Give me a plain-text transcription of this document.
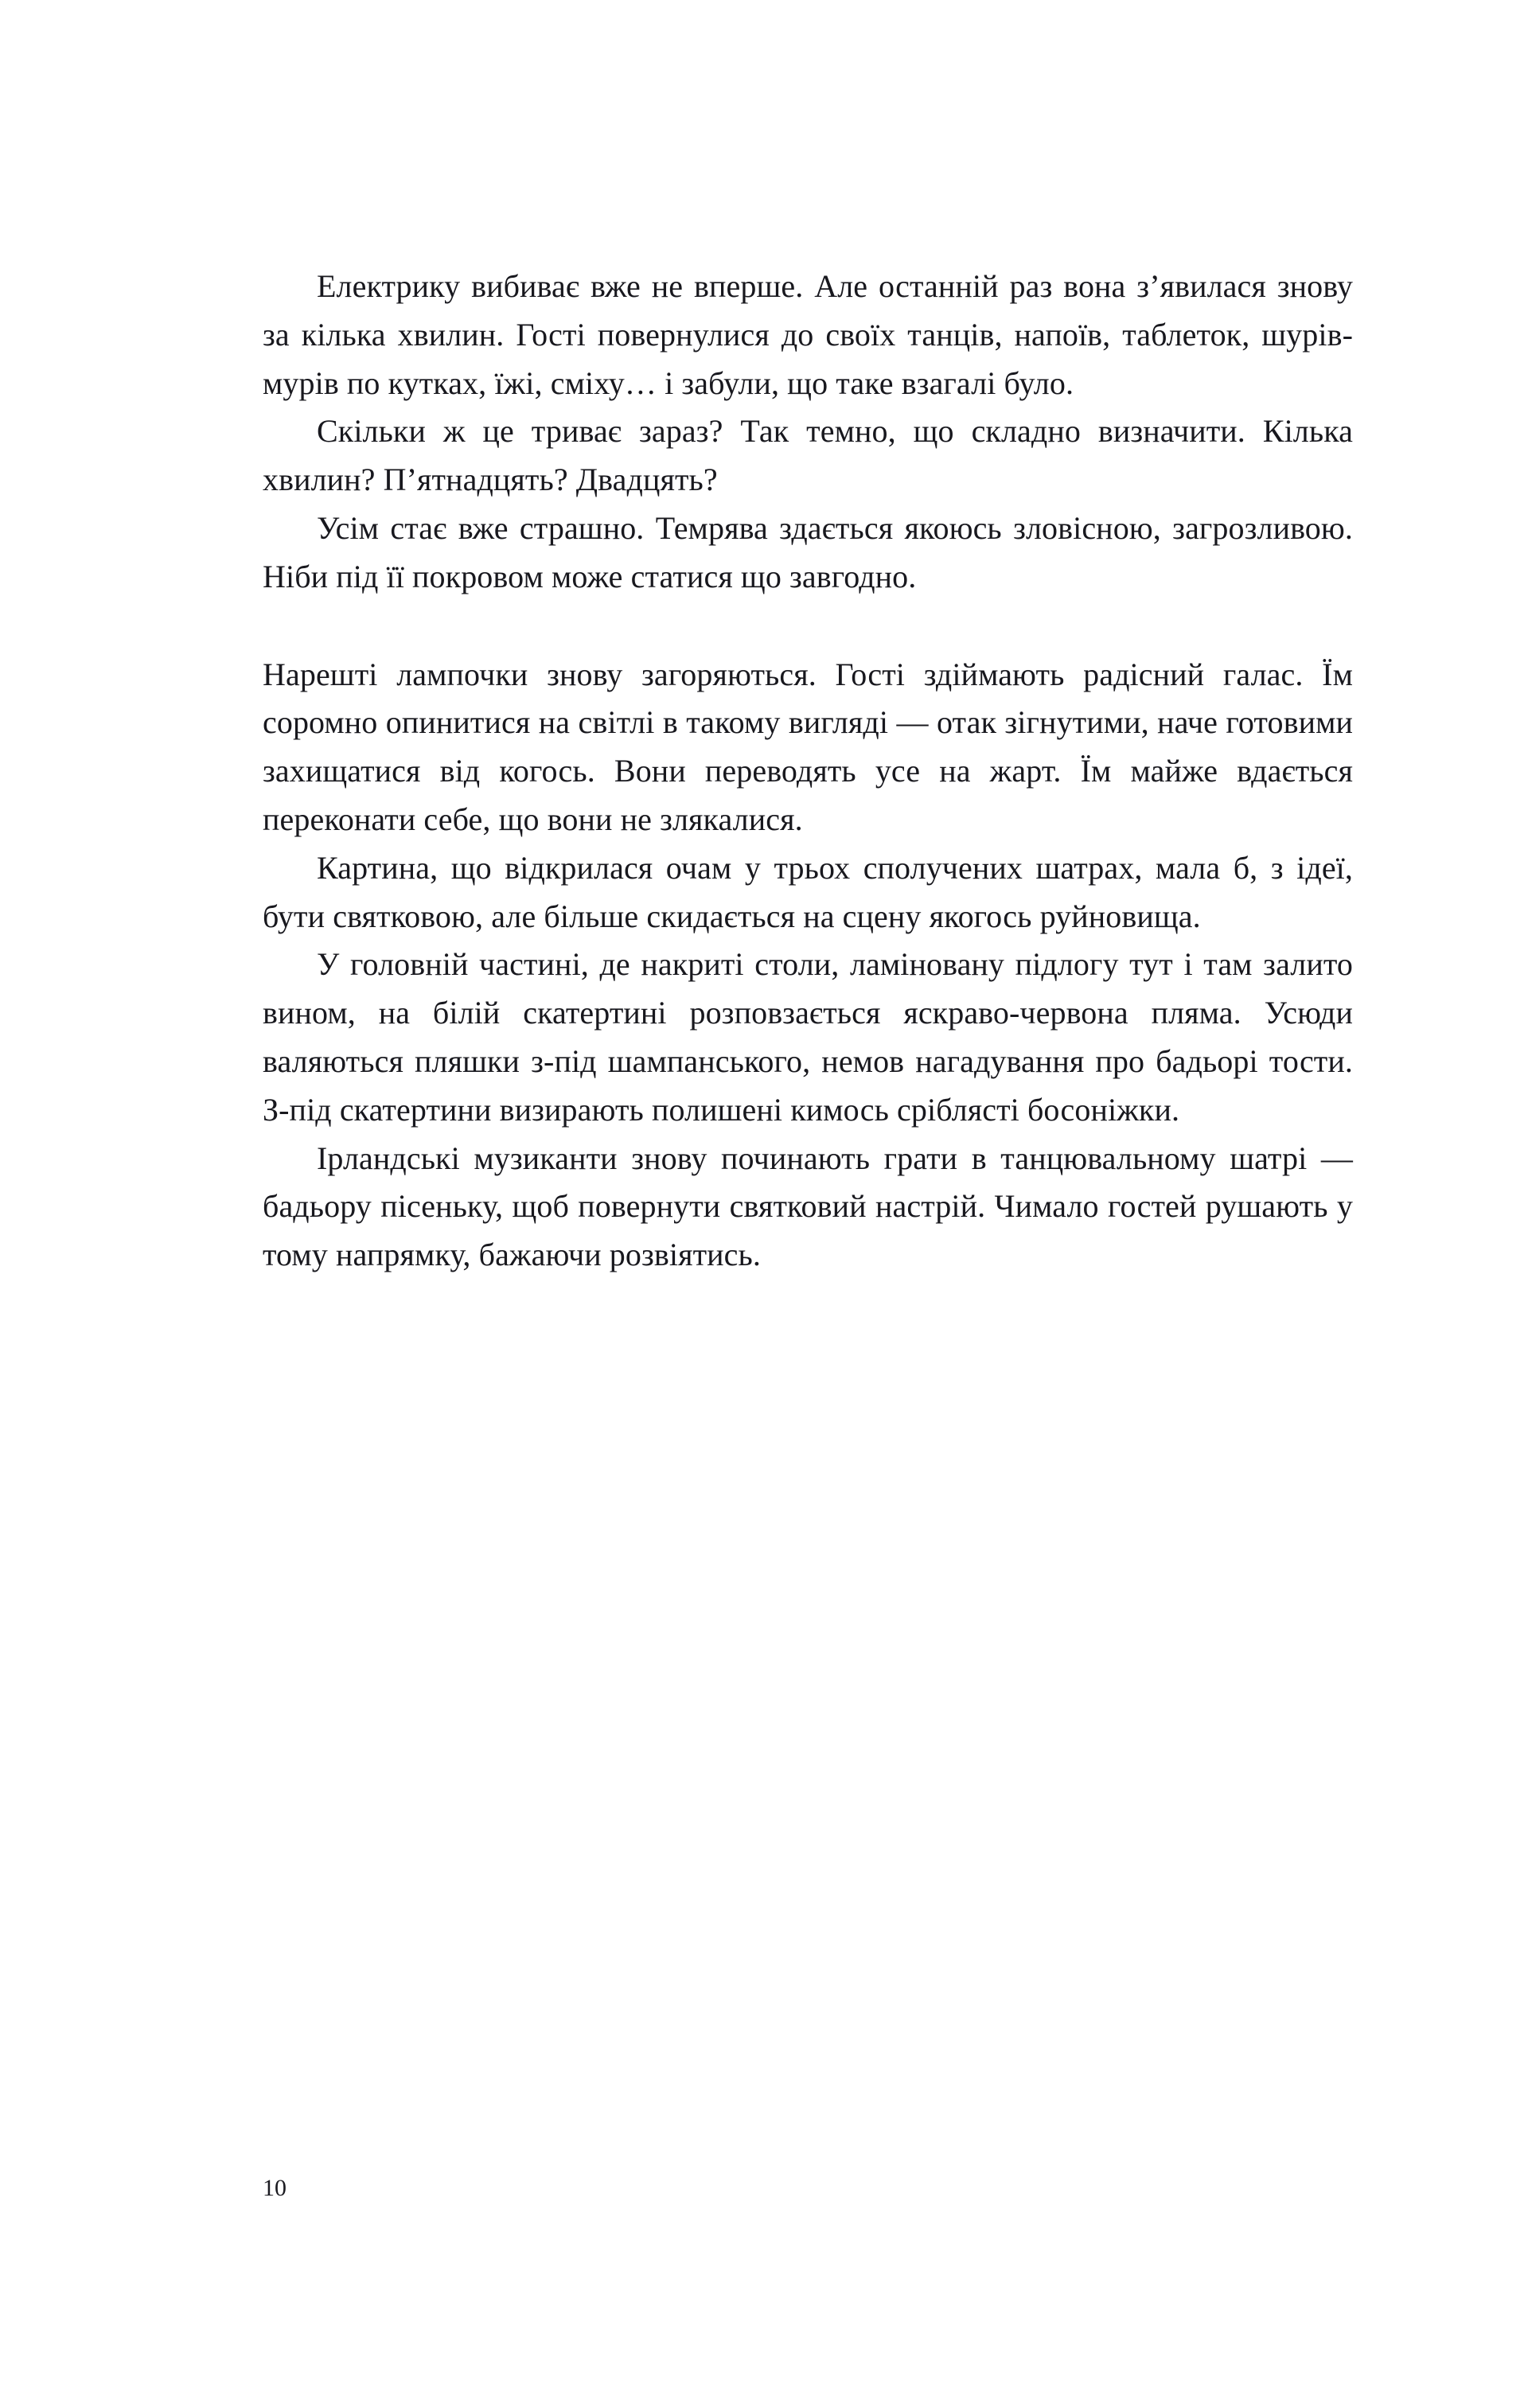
Електрику вибиває вже не вперше. Але останній раз вона з’явилася знову за кілька хвилин. Гості повернулися до своїх танців, напоїв, таблеток, шурів-мурів по кутках, їжі, сміху… і забули, що таке взагалі було.

Скільки ж це триває зараз? Так темно, що складно визначити. Кілька хвилин? П’ятнадцять? Двадцять?

Усім стає вже страшно. Темрява здається якоюсь зловісною, загрозливою. Ніби під її покровом може статися що завгодно.

Нарешті лампочки знову загоряються. Гості здіймають радісний галас. Їм соромно опинитися на світлі в такому вигляді — отак зігнутими, наче готовими захищатися від когось. Вони переводять усе на жарт. Їм майже вдається переконати себе, що вони не злякалися.

Картина, що відкрилася очам у трьох сполучених шатрах, мала б, з ідеї, бути святковою, але більше скидається на сцену якогось руйновища.

У головній частині, де накриті столи, ламіновану підлогу тут і там залито вином, на білій скатертині розповзається яскраво-червона пляма. Усюди валяються пляшки з-під шампанського, немов нагадування про бадьорі тости. З-під скатертини визирають полишені кимось сріблясті босоніжки.

Ірландські музиканти знову починають грати в танцювальному шатрі — бадьору пісеньку, щоб повернути святковий настрій. Чимало гостей рушають у тому напрямку, бажаючи розвіятись.

10
